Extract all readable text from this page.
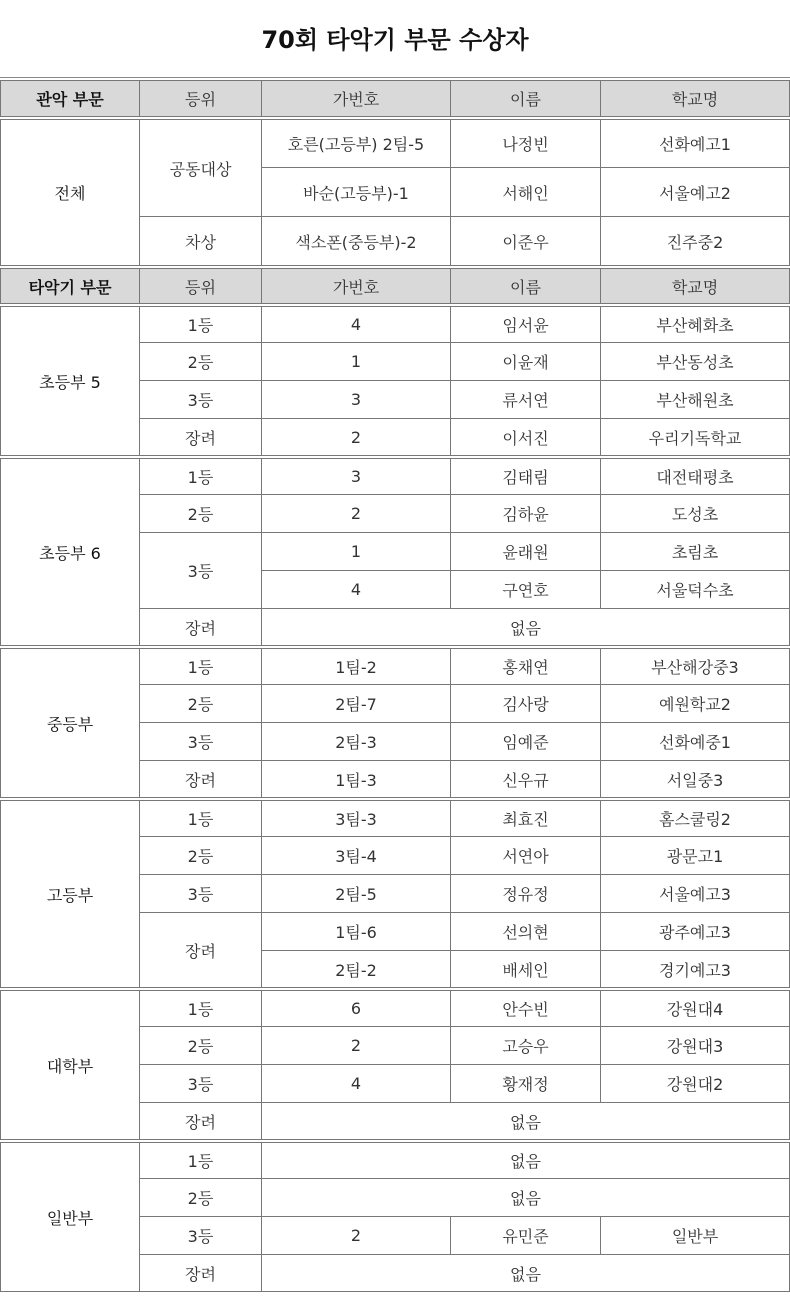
70회 타악기 부문 수상자

관악 부문	등위	가번호	이름	학교명

전체	공동대상	호른(고등부) 2팀-5	나정빈	선화예고1
		바순(고등부)-1	서해인	서울예고2
	차상	색소폰(중등부)-2	이준우	진주중2

타악기 부문	등위	가번호	이름	학교명

초등부 5	1등	4	임서윤	부산혜화초
	2등	1	이윤재	부산동성초
	3등	3	류서연	부산해원초
	장려	2	이서진	우리기독학교

초등부 6	1등	3	김태림	대전태평초
	2등	2	김하윤	도성초
	3등	1	윤래원	초림초
		4	구연호	서울덕수초
	장려	없음		

중등부	1등	1팀-2	홍채연	부산해강중3
	2등	2팀-7	김사랑	예원학교2
	3등	2팀-3	임예준	선화예중1
	장려	1팀-3	신우규	서일중3

고등부	1등	3팀-3	최효진	홈스쿨링2
	2등	3팀-4	서연아	광문고1
	3등	2팀-5	정유정	서울예고3
	장려	1팀-6	선의현	광주예고3
		2팀-2	배세인	경기예고3

대학부	1등	6	안수빈	강원대4
	2등	2	고승우	강원대3
	3등	4	황재정	강원대2
	장려	없음		

일반부	1등	없음		
	2등	없음		
	3등	2	유민준	일반부
	장려	없음		
